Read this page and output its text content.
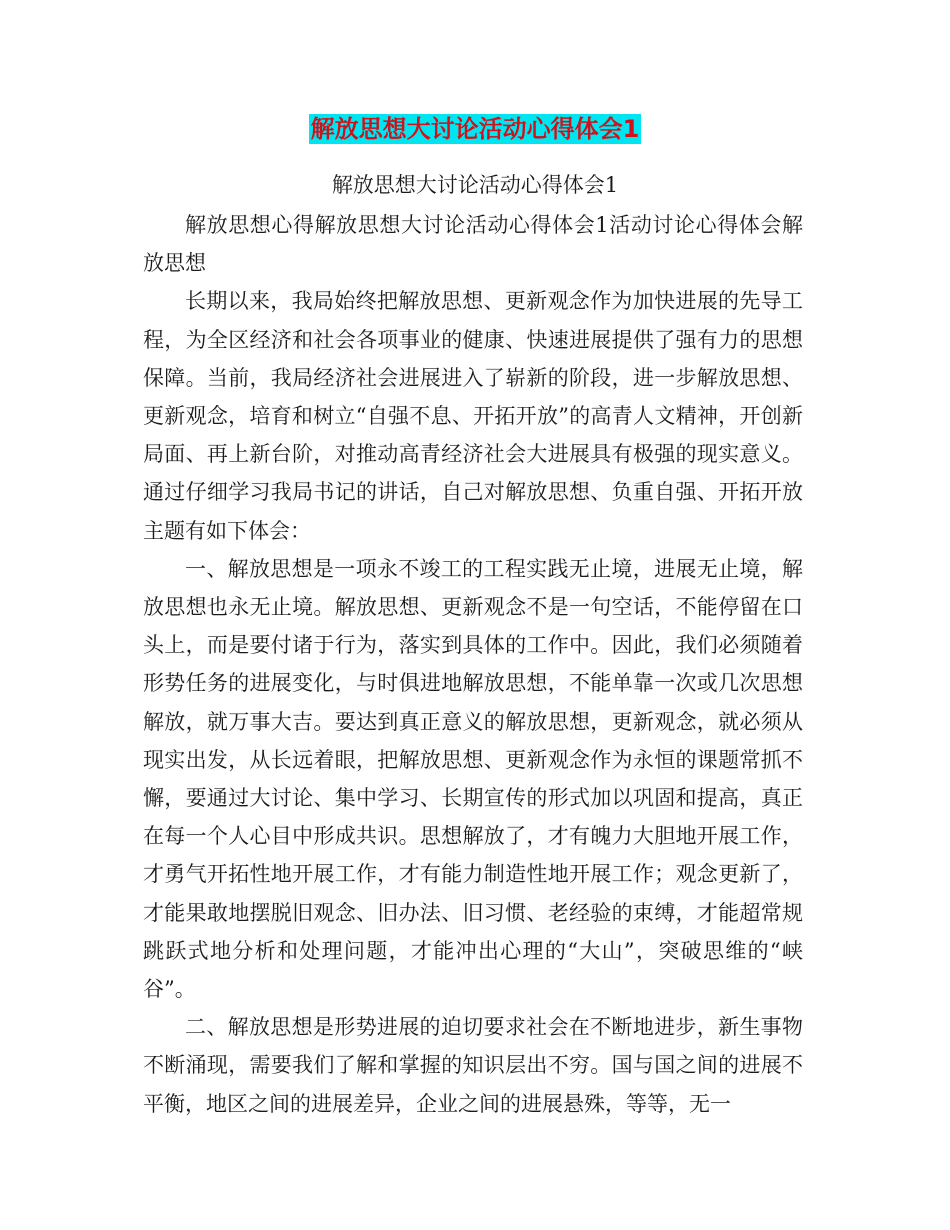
解放思想大讨论活动心得体会1
解放思想大讨论活动心得体会1

解放思想心得解放思想大讨论活动心得体会1活动讨论心得体会解放思想

长期以来，我局始终把解放思想、更新观念作为加快进展的先导工程，为全区经济和社会各项事业的健康、快速进展提供了强有力的思想保障。当前，我局经济社会进展进入了崭新的阶段，进一步解放思想、更新观念，培育和树立“自强不息、开拓开放”的高青人文精神，开创新局面、再上新台阶，对推动高青经济社会大进展具有极强的现实意义。通过仔细学习我局书记的讲话，自己对解放思想、负重自强、开拓开放主题有如下体会：

一、解放思想是一项永不竣工的工程实践无止境，进展无止境，解放思想也永无止境。解放思想、更新观念不是一句空话，不能停留在口头上，而是要付诸于行为，落实到具体的工作中。因此，我们必须随着形势任务的进展变化，与时俱进地解放思想，不能单靠一次或几次思想解放，就万事大吉。要达到真正意义的解放思想，更新观念，就必须从现实出发，从长远着眼，把解放思想、更新观念作为永恒的课题常抓不懈，要通过大讨论、集中学习、长期宣传的形式加以巩固和提高，真正在每一个人心目中形成共识。思想解放了，才有魄力大胆地开展工作，才勇气开拓性地开展工作，才有能力制造性地开展工作；观念更新了，才能果敢地摆脱旧观念、旧办法、旧习惯、老经验的束缚，才能超常规跳跃式地分析和处理问题，才能冲出心理的“大山”，突破思维的“峡谷”。

二、解放思想是形势进展的迫切要求社会在不断地进步，新生事物不断涌现，需要我们了解和掌握的知识层出不穷。国与国之间的进展不平衡，地区之间的进展差异，企业之间的进展悬殊，等等，无一
